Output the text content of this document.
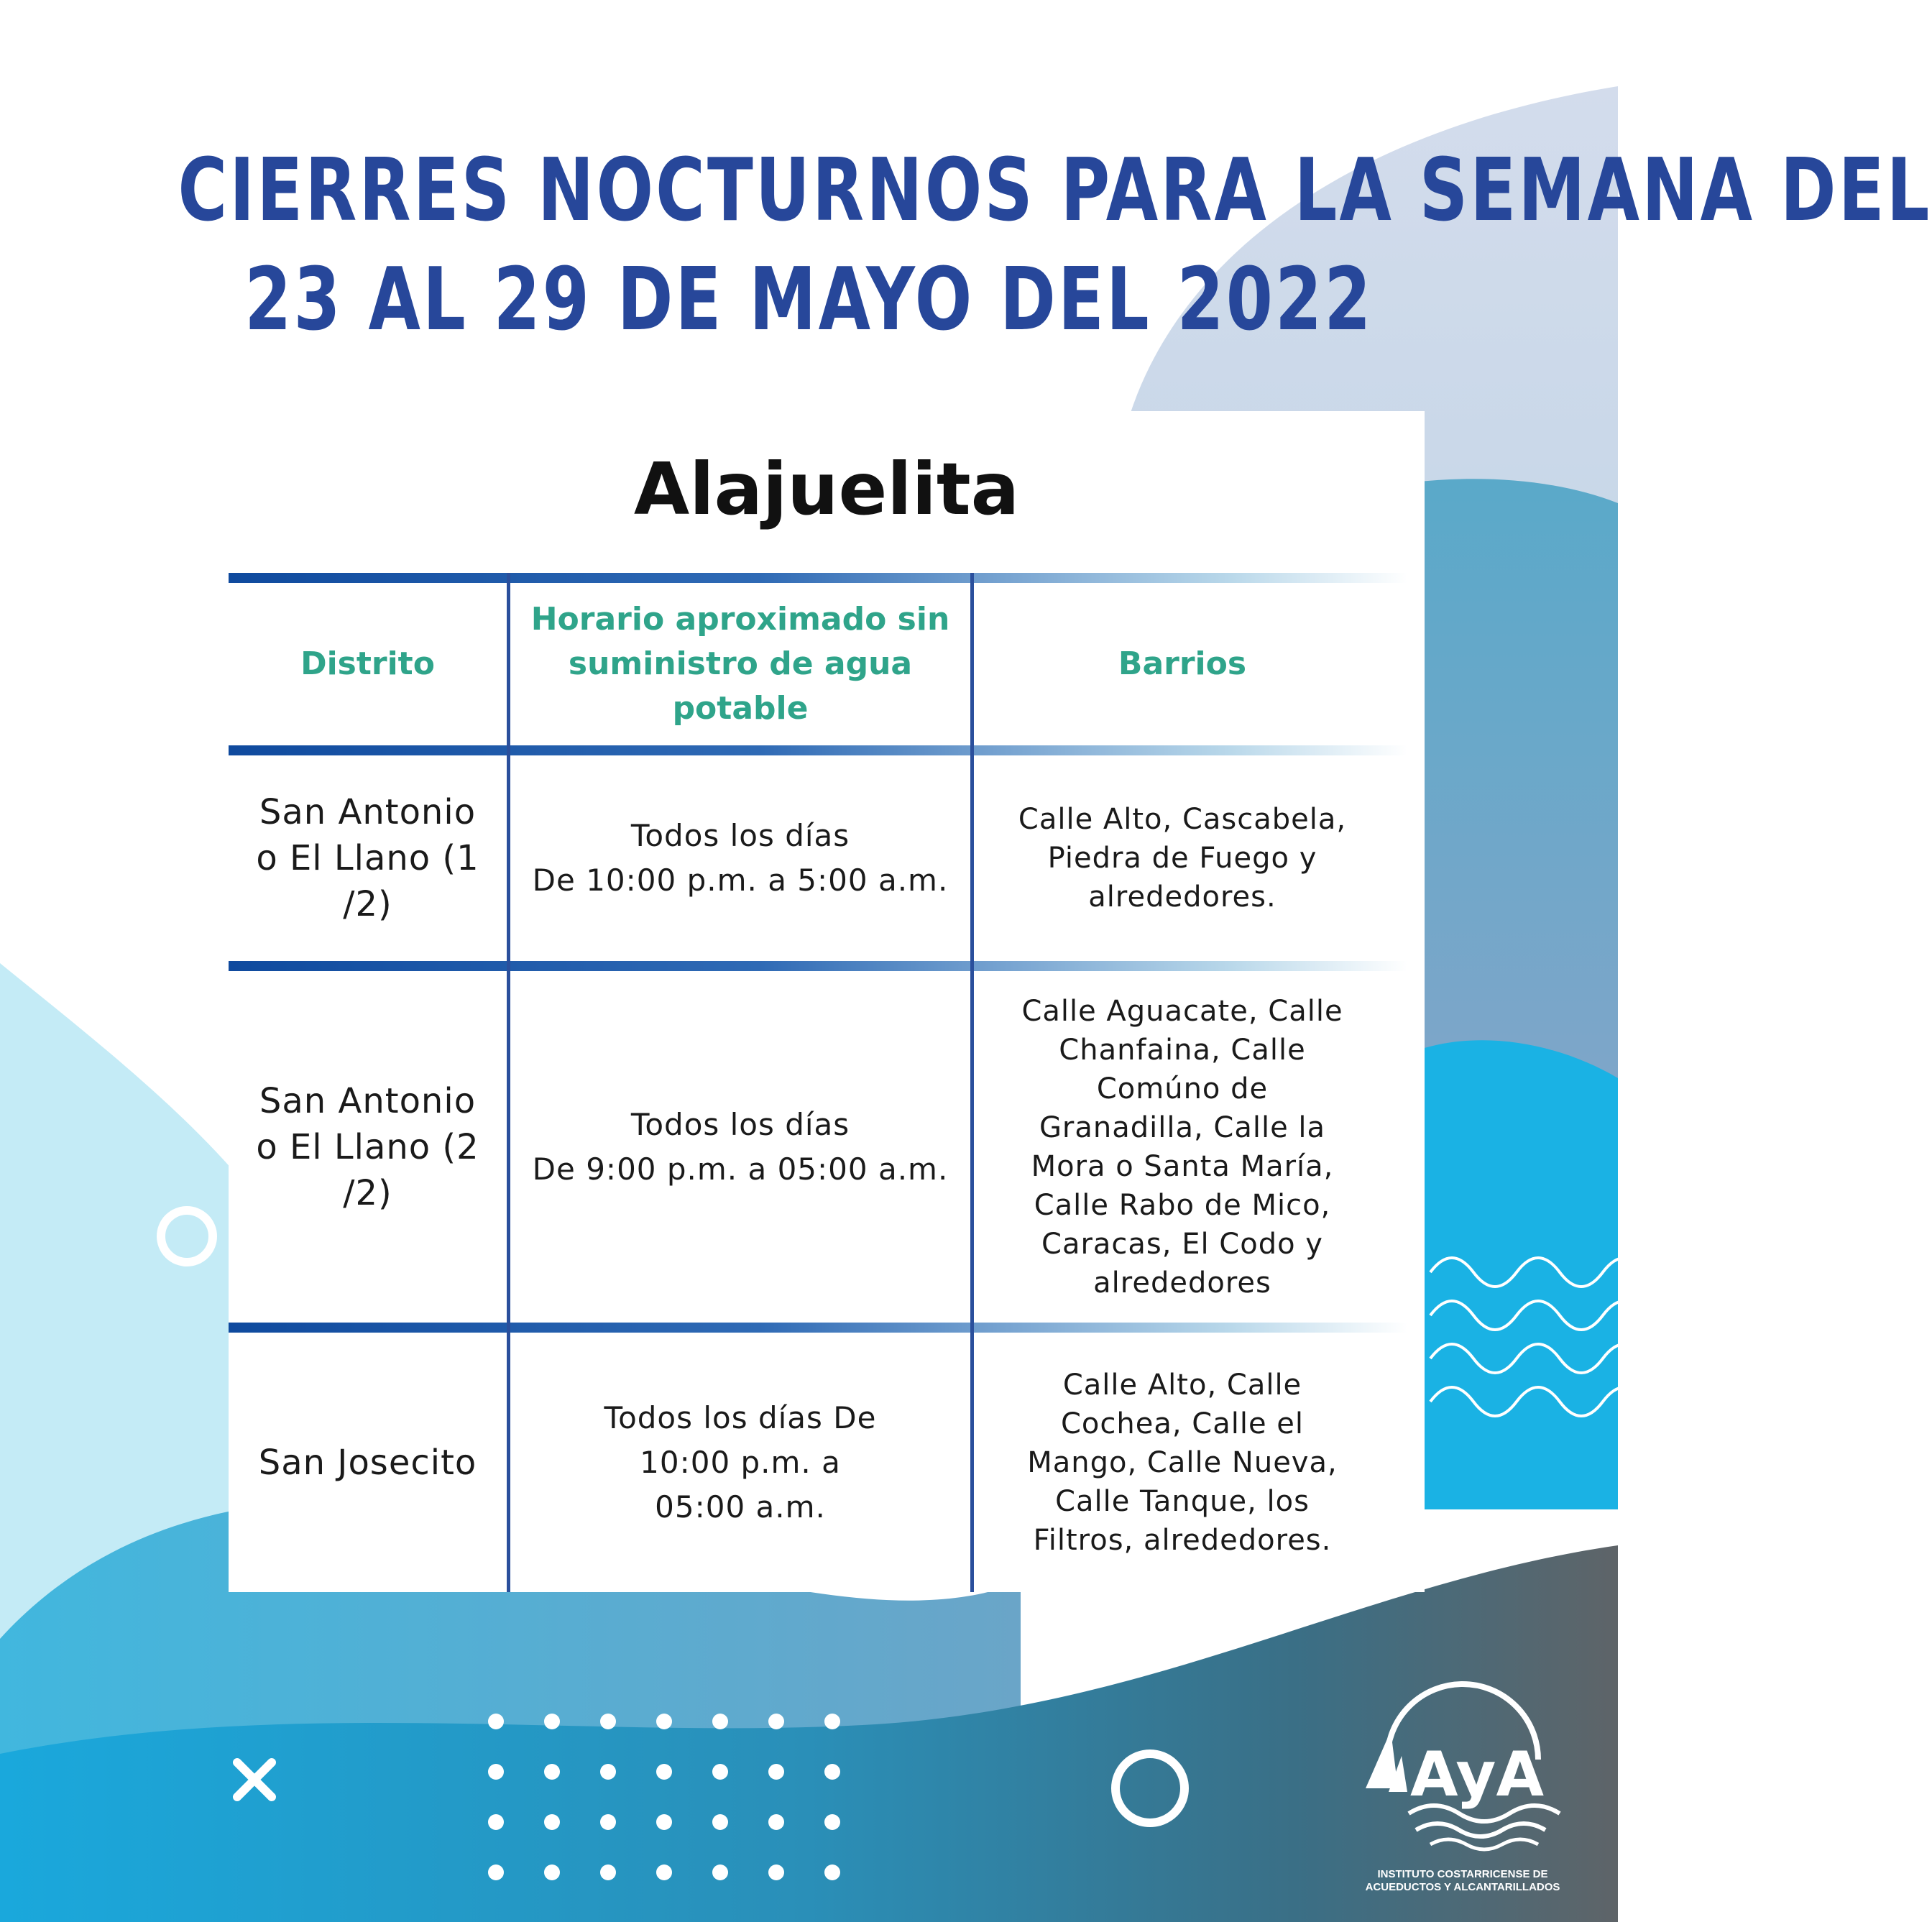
CIERRES NOCTURNOS PARA LA SEMANA DEL
23 AL 29 DE MAYO DEL 2022
Alajuelita
Distrito
Horario aproximado sin suministro de agua potable
Barrios
San Antonio o El Llano (1 /2)
Todos los días
De 10:00 p.m. a 5:00 a.m.
Calle Alto, Cascabela, Piedra de Fuego y alrededores.
San Antonio o El Llano (2 /2)
Todos los días
De 9:00 p.m. a 05:00 a.m.
Calle Aguacate, Calle Chanfaina, Calle Comúno de Granadilla, Calle la Mora o Santa María, Calle Rabo de Mico, Caracas, El Codo y alrededores
San Josecito
Todos los días De 10:00 p.m. a 05:00 a.m.
Calle Alto, Calle Cochea, Calle el Mango, Calle Nueva, Calle Tanque, los Filtros, alrededores.
AyA
INSTITUTO COSTARRICENSE DE
ACUEDUCTOS Y ALCANTARILLADOS
